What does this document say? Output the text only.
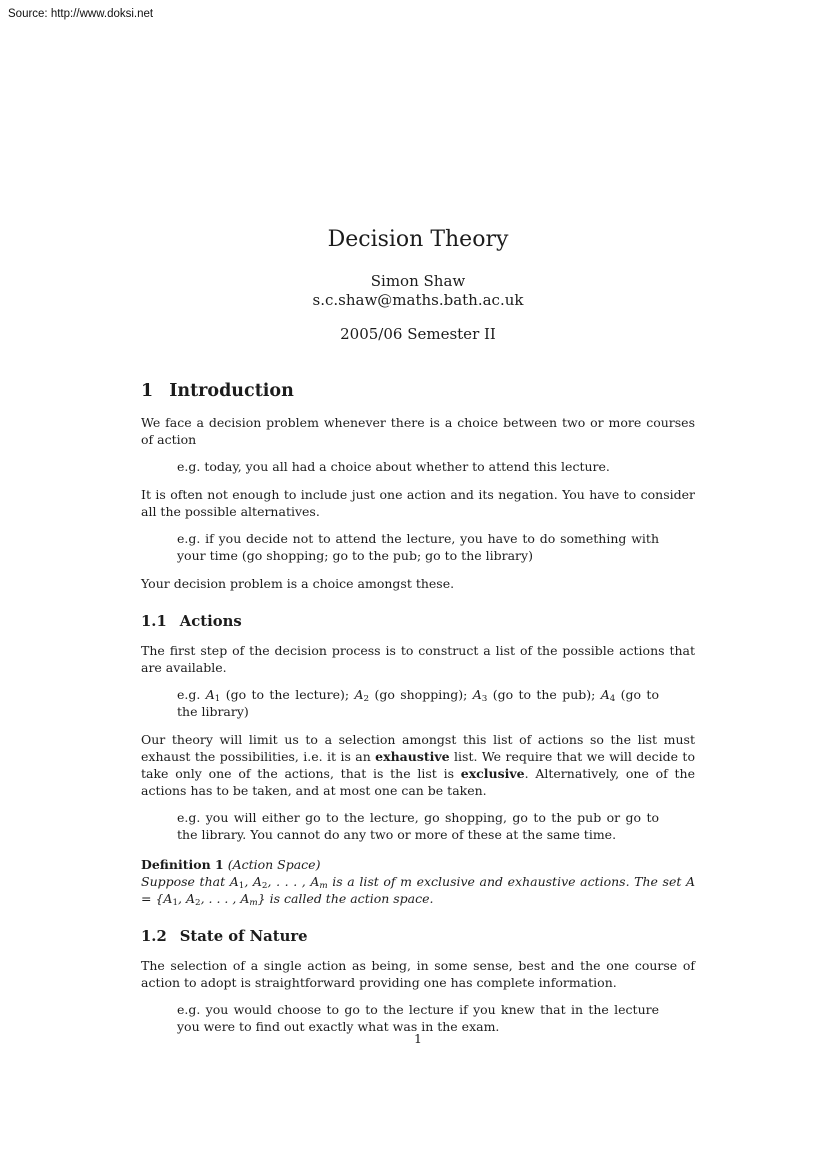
Source: http://www.doksi.net
Decision Theory
Simon Shaw
s.c.shaw@maths.bath.ac.uk
2005/06 Semester II
1 Introduction
We face a decision problem whenever there is a choice between two or more courses of action
e.g. today, you all had a choice about whether to attend this lecture.
It is often not enough to include just one action and its negation. You have to consider all the possible alternatives.
e.g. if you decide not to attend the lecture, you have to do something with your time (go shopping; go to the pub; go to the library)
Your decision problem is a choice amongst these.
1.1 Actions
The first step of the decision process is to construct a list of the possible actions that are available.
e.g. $A_1$ (go to the lecture); $A_2$ (go shopping); $A_3$ (go to the pub); $A_4$ (go to the library)
Our theory will limit us to a selection amongst this list of actions so the list must exhaust the possibilities, i.e. it is an exhaustive list. We require that we will decide to take only one of the actions, that is the list is exclusive. Alternatively, one of the actions has to be taken, and at most one can be taken.
e.g. you will either go to the lecture, go shopping, go to the pub or go to the library. You cannot do any two or more of these at the same time.
Definition 1 (Action Space)
Suppose that $A_1$, $A_2$, . . . , $A_m$ is a list of m exclusive and exhaustive actions. The set $A = \{A_1$, $A_2$, . . . , $A_m$} is called the action space.
1.2 State of Nature
The selection of a single action as being, in some sense, best and the one course of action to adopt is straightforward providing one has complete information.
e.g. you would choose to go to the lecture if you knew that in the lecture you were to find out exactly what was in the exam.
1
